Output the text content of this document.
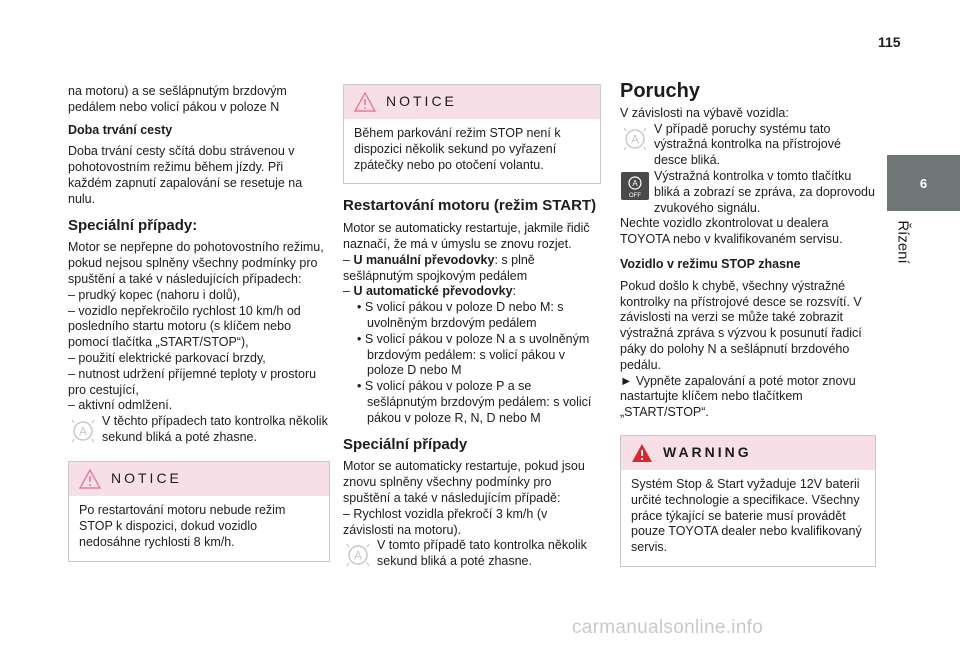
115
6
Řízení

na motoru) a se sešlápnutým brzdovým pedálem nebo volicí pákou v poloze N

Doba trvání cesty

Doba trvání cesty sčítá dobu strávenou v pohotovostním režimu během jízdy. Při každém zapnutí zapalování se resetuje na nulu.

Speciální případy:

Motor se nepřepne do pohotovostního režimu, pokud nejsou splněny všechny podmínky pro spuštění a také v následujících případech:

– prudký kopec (nahoru i dolů),

– vozidlo nepřekročilo rychlost 10 km/h od posledního startu motoru (s klíčem nebo pomocí tlačítka „START/STOP“),

– použití elektrické parkovací brzdy,

– nutnost udržení příjemné teploty v prostoru pro cestující,

– aktivní odmlžení.

A

V těchto případech tato kontrolka několik sekund bliká a poté zhasne.

NOTICE

Po restartování motoru nebude režim STOP k dispozici, dokud vozidlo nedosáhne rychlosti 8 km/h.

NOTICE

Během parkování režim STOP není k dispozici několik sekund po vyřazení zpátečky nebo po otočení volantu.

Restartování motoru (režim START)

Motor se automaticky restartuje, jakmile řidič naznačí, že má v úmyslu se znovu rozjet.

– U manuální převodovky: s plně sešlápnutým spojkovým pedálem

– U automatické převodovky:

• S volicí pákou v poloze D nebo M: s uvolněným brzdovým pedálem

• S volicí pákou v poloze N a s uvolněným brzdovým pedálem: s volicí pákou v poloze D nebo M

• S volicí pákou v poloze P a se sešlápnutým brzdovým pedálem: s volicí pákou v poloze R, N, D nebo M

Speciální případy

Motor se automaticky restartuje, pokud jsou znovu splněny všechny podmínky pro spuštění a také v následujícím případě:

– Rychlost vozidla překročí 3 km/h (v závislosti na motoru).

A

V tomto případě tato kontrolka několik sekund bliká a poté zhasne.

Poruchy

V závislosti na výbavě vozidla:

A

V případě poruchy systému tato výstražná kontrolka na přístrojové desce bliká.

A
OFF

Výstražná kontrolka v tomto tlačítku bliká a zobrazí se zpráva, za doprovodu zvukového signálu.

Nechte vozidlo zkontrolovat u dealera TOYOTA nebo v kvalifikovaném servisu.

Vozidlo v režimu STOP zhasne

Pokud došlo k chybě, všechny výstražné kontrolky na přístrojové desce se rozsvítí. V závislosti na verzi se může také zobrazit výstražná zpráva s výzvou k posunutí řadicí páky do polohy N a sešlápnutí brzdového pedálu.

► Vypněte zapalování a poté motor znovu nastartujte klíčem nebo tlačítkem „START/STOP“.

WARNING

Systém Stop & Start vyžaduje 12V baterii určité technologie a specifikace. Všechny práce týkající se baterie musí provádět pouze TOYOTA dealer nebo kvalifikovaný servis.

carmanualsonline.info
